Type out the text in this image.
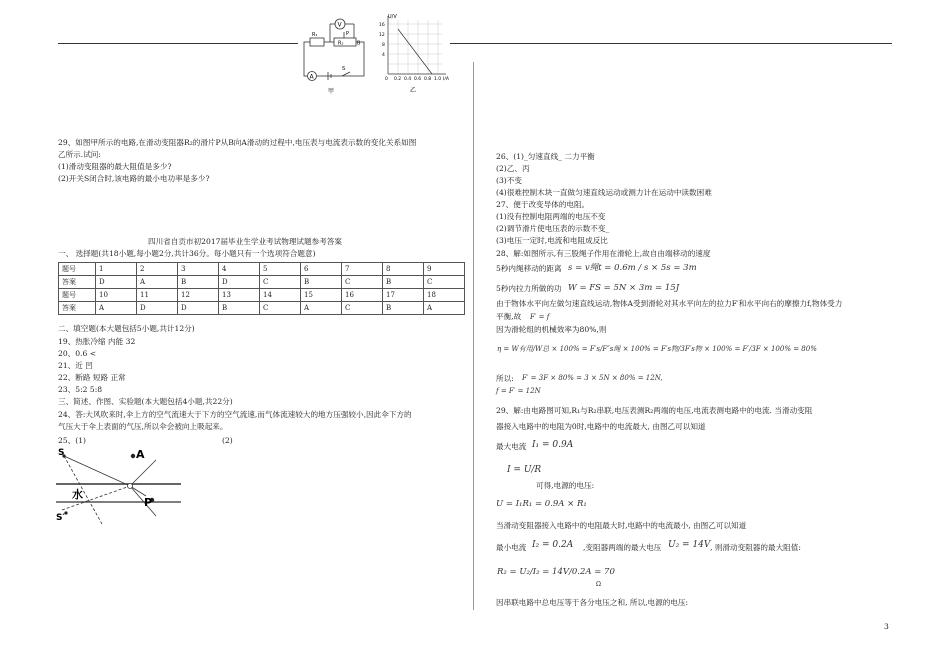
V
A
R₁
R₂
P
B
S
甲
U/V
16
12
8
4
0 0.2 0.4 0.6 0.8 1.0 I/A
乙
29、如图甲所示的电路,在滑动变阻器R₂的滑片P从B向A滑动的过程中,电压表与电流表示数的变化关系如图
乙所示.试问:
(1)滑动变阻器的最大阻值是多少?
(2)开关S闭合时,该电路的最小电功率是多少?
四川省自贡市初2017届毕业生学业考试物理试题参考答案
一、 选择题(共18小题,每小题2分,共计36分。每小题只有一个选项符合题意)
题号	1	2	3	4	5	6	7	8	9
答案	D	A	B	D	C	B	C	B	C
题号	10	11	12	13	14	15	16	17	18
答案	A	D	D	B	C	A	C	B	A
二、填空题(本大题包括5小题,共计12分)
19、热胀冷缩 内能 32
20、0.6 <
21、近 凹
22、断路 短路 正常
23、5:2 5:8
三、简述、作图、实验题(本大题包括4小题,共22分)
24、答:大风吹来时,伞上方的空气流速大于下方的空气流速,而气体流速较大的地方压强较小,因此伞下方的
气压大于伞上表面的气压,所以伞会被向上吸起来。
25、(1)	(2)
S	A
水
P
S′
26、(1)_匀速直线_ 二力平衡
(2)乙、丙
(3)不变
(4)很难控制木块一直做匀速直线运动或测力计在运动中读数困难
27、便于改变导体的电阻。
(1)没有控制电阻两端的电压不变
(2)调节滑片使电压表的示数不变_
(3)电压一定时,电流和电阻成反比
28、解:如图所示,有三股绳子作用在滑轮上,故自由端移动的速度
5秒内绳移动的距离 s = v绳t = 0.6m / s × 5s = 3m
5秒内拉力所做的功 W = FS = 5N × 3m = 15J
由于物体水平向左做匀速直线运动,物体A受到滑轮对其水平向左的拉力F′和水平向右的摩擦力f,物体受力
平衡,故 F′ = f
因为滑轮组的机械效率为80%,则
η = W有用/W总 × 100% = F′s/F″s绳 × 100% = F′s物/3F′s物 × 100% = F′/3F × 100% = 80%
所以: F′ = 3F × 80% = 3 × 5N × 80% = 12N,
f = F′ = 12N
29、解:由电路图可知,R₁与R₂串联,电压表测R₂两端的电压,电流表测电路中的电流. 当滑动变阻
器接入电路中的电阻为0时,电路中的电流最大, 由图乙可以知道
最大电流 I₁ = 0.9A
I = U/R
可得,电源的电压:
U = I₁R₁ = 0.9A × R₁
当滑动变阻器接入电路中的电阻最大时,电路中的电流最小, 由图乙可以知道
最小电流 I₂ = 0.2A ,变阻器两端的最大电压 U₂ = 14V , 则滑动变阻器的最大阻值:
R₂ = U₂/I₂ = 14V/0.2A = 70
Ω
因串联电路中总电压等于各分电压之和, 所以,电源的电压:
3
